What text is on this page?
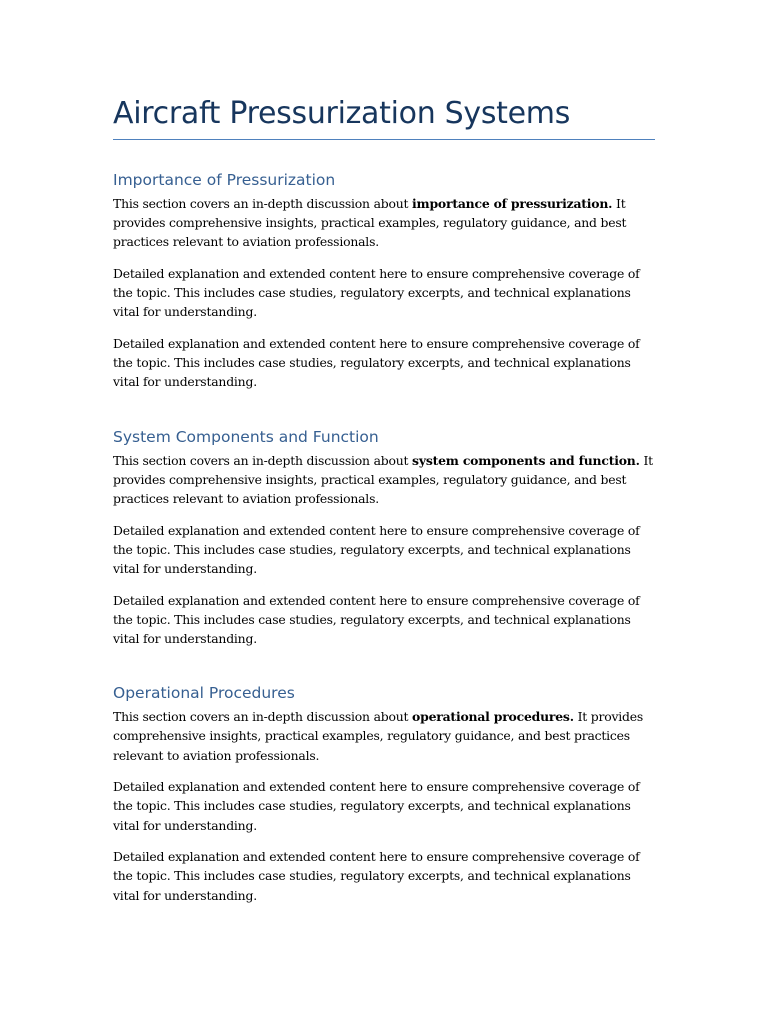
Aircraft Pressurization Systems
Importance of Pressurization

This section covers an in-depth discussion about importance of pressurization. It provides comprehensive insights, practical examples, regulatory guidance, and best practices relevant to aviation professionals.

Detailed explanation and extended content here to ensure comprehensive coverage of the topic. This includes case studies, regulatory excerpts, and technical explanations vital for understanding.

Detailed explanation and extended content here to ensure comprehensive coverage of the topic. This includes case studies, regulatory excerpts, and technical explanations vital for understanding.

System Components and Function

This section covers an in-depth discussion about system components and function. It provides comprehensive insights, practical examples, regulatory guidance, and best practices relevant to aviation professionals.

Detailed explanation and extended content here to ensure comprehensive coverage of the topic. This includes case studies, regulatory excerpts, and technical explanations vital for understanding.

Detailed explanation and extended content here to ensure comprehensive coverage of the topic. This includes case studies, regulatory excerpts, and technical explanations vital for understanding.

Operational Procedures

This section covers an in-depth discussion about operational procedures. It provides comprehensive insights, practical examples, regulatory guidance, and best practices relevant to aviation professionals.

Detailed explanation and extended content here to ensure comprehensive coverage of the topic. This includes case studies, regulatory excerpts, and technical explanations vital for understanding.

Detailed explanation and extended content here to ensure comprehensive coverage of the topic. This includes case studies, regulatory excerpts, and technical explanations vital for understanding.
